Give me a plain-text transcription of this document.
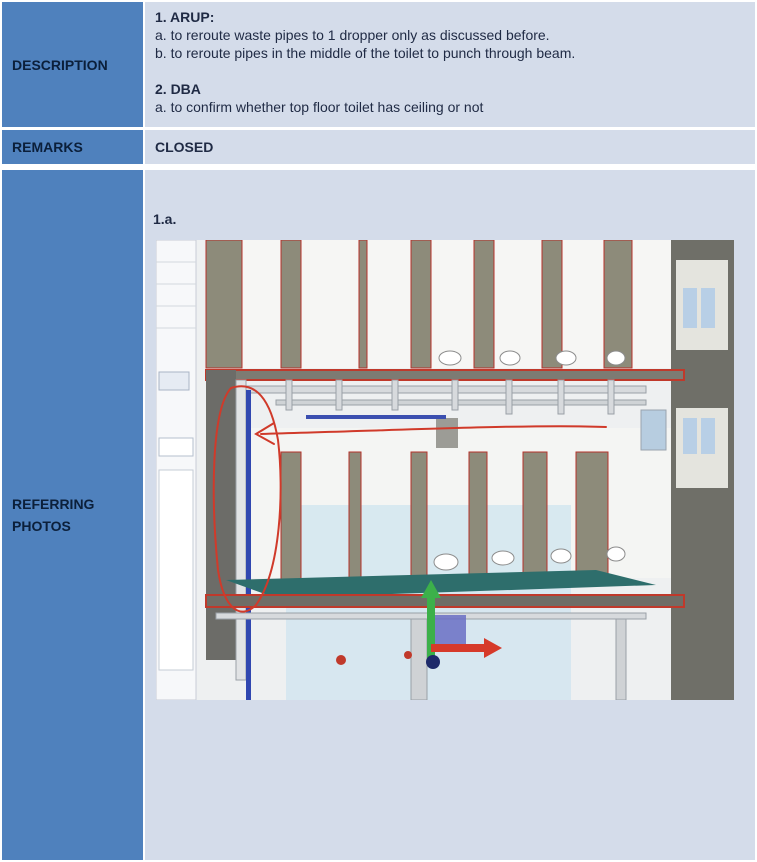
DESCRIPTION

1. ARUP:

a. to reroute waste pipes to 1 dropper only as discussed before.

b. to reroute pipes in the middle of the toilet to punch through beam.

2. DBA

a. to confirm whether top floor toilet has ceiling or not

REMARKS	CLOSED
REFERRING
PHOTOS

1.a.
